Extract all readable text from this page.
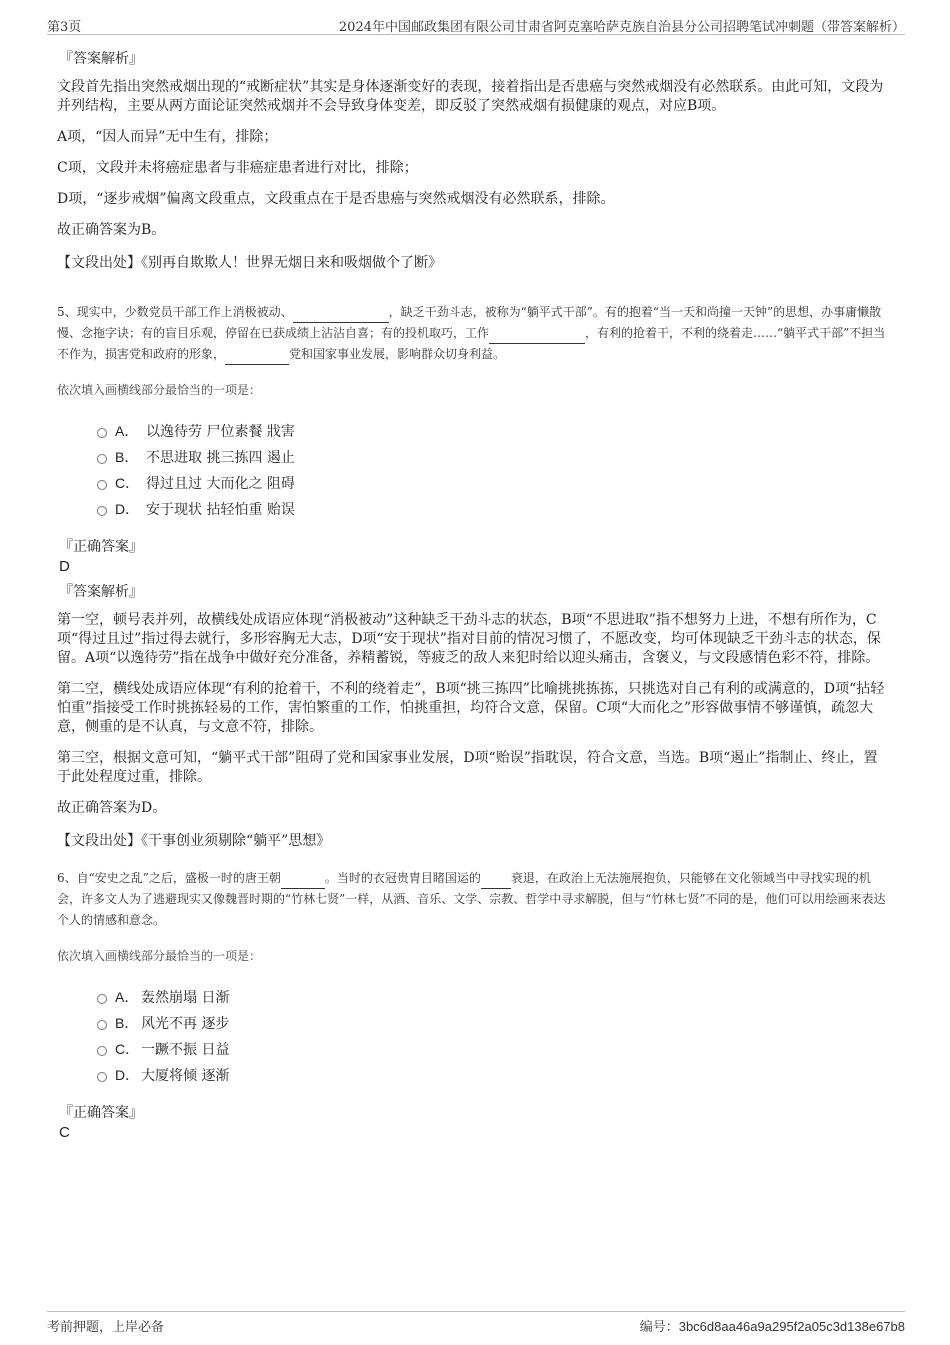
第3页	2024年中国邮政集团有限公司甘肃省阿克塞哈萨克族自治县分公司招聘笔试冲刺题（带答案解析）
『答案解析』

文段首先指出突然戒烟出现的“戒断症状”其实是身体逐渐变好的表现，接着指出是否患癌与突然戒烟没有必然联系。由此可知，文段为并列结构，主要从两方面论证突然戒烟并不会导致身体变差，即反驳了突然戒烟有损健康的观点，对应B项。

A项，“因人而异”无中生有，排除；

C项，文段并未将癌症患者与非癌症患者进行对比，排除；

D项，“逐步戒烟”偏离文段重点，文段重点在于是否患癌与突然戒烟没有必然联系，排除。

故正确答案为B。

【文段出处】《别再自欺欺人！世界无烟日来和吸烟做个了断》

5、现实中，少数党员干部工作上消极被动、	，缺乏干劲斗志，被称为“躺平式干部”。有的抱着“当一天和尚撞一天钟”的思想，办事庸懒散慢、念拖字诀；有的盲目乐观，停留在已获成绩上沾沾自喜；有的投机取巧，工作	，有利的抢着干，不利的绕着走……“躺平式干部”不担当不作为，损害党和政府的形象，	党和国家事业发展，影响群众切身利益。

依次填入画横线部分最恰当的一项是：
A． 以逸待劳 尸位素餐 戕害
B． 不思进取 挑三拣四 遏止
C． 得过且过 大而化之 阻碍
D． 安于现状 拈轻怕重 贻误
『正确答案』
D
『答案解析』

第一空，顿号表并列，故横线处成语应体现“消极被动”这种缺乏干劲斗志的状态，B项“不思进取”指不想努力上进，不想有所作为，C项“得过且过”指过得去就行，多形容胸无大志，D项“安于现状”指对目前的情况习惯了，不愿改变，均可体现缺乏干劲斗志的状态，保留。A项“以逸待劳”指在战争中做好充分准备，养精蓄锐，等疲乏的敌人来犯时给以迎头痛击，含褒义，与文段感情色彩不符，排除。

第二空，横线处成语应体现“有利的抢着干，不利的绕着走”，B项“挑三拣四”比喻挑挑拣拣，只挑选对自己有利的或满意的，D项“拈轻怕重”指接受工作时挑拣轻易的工作，害怕繁重的工作，怕挑重担，均符合文意，保留。C项“大而化之”形容做事情不够谨慎，疏忽大意，侧重的是不认真，与文意不符，排除。

第三空，根据文意可知，“躺平式干部”阻碍了党和国家事业发展，D项“贻误”指耽误，符合文意，当选。B项“遏止”指制止、终止，置于此处程度过重，排除。

故正确答案为D。

【文段出处】《干事创业须剔除“躺平”思想》

6、自“安史之乱”之后，盛极一时的唐王朝	。当时的衣冠贵胄目睹国运的	衰退，在政治上无法施展抱负，只能够在文化领域当中寻找实现的机会，许多文人为了逃避现实又像魏晋时期的“竹林七贤”一样，从酒、音乐、文学、宗教、哲学中寻求解脱，但与“竹林七贤”不同的是，他们可以用绘画来表达个人的情感和意念。

依次填入画横线部分最恰当的一项是：
A． 轰然崩塌 日渐
B． 风光不再 逐步
C． 一蹶不振 日益
D． 大厦将倾 逐渐
『正确答案』
C
考前押题，上岸必备	编号：3bc6d8aa46a9a295f2a05c3d138e67b8
